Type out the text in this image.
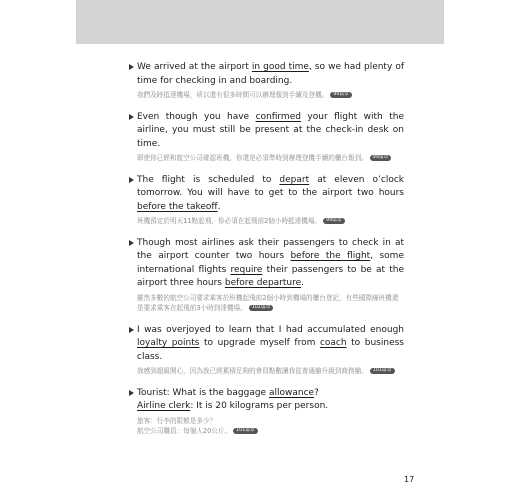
We arrived at the airport in good time, so we had plenty of time for checking in and boarding.

我們及時抵達機場，所以還有很多時間可以辦理報到手續及登機。 99篇章

Even though you have confirmed your flight with the airline, you must still be present at the check-in desk on time.

即使你已經和航空公司確認班機，你還是必須準時到辦理登機手續的櫃台報到。 99篇章

The flight is scheduled to depart at eleven o’clock tomorrow. You will have to get to the airport two hours before the takeoff.

班機預定於明天11點起飛，你必須在起飛前2個小時抵達機場。 99篇章

Though most airlines ask their passengers to check in at the airport counter two hours before the flight, some international flights require their passengers to be at the airport three hours before departure.

雖然多數的航空公司要求乘客於班機起飛前2個小時到機場的櫃台登記，有些國際線班機還是要求乘客在起飛前3小時到達機場。 102篇章

I was overjoyed to learn that I had accumulated enough loyalty points to upgrade myself from coach to business class.

我感到超級開心，因為我已經累積足夠的會員點數讓我從普通艙升級到商務艙。 101篇章

Tourist: What is the baggage allowance?

Airline clerk: It is 20 kilograms per person.

旅客：行李的限額是多少？

航空公司職員：每個人20公斤。 101篇章

17
